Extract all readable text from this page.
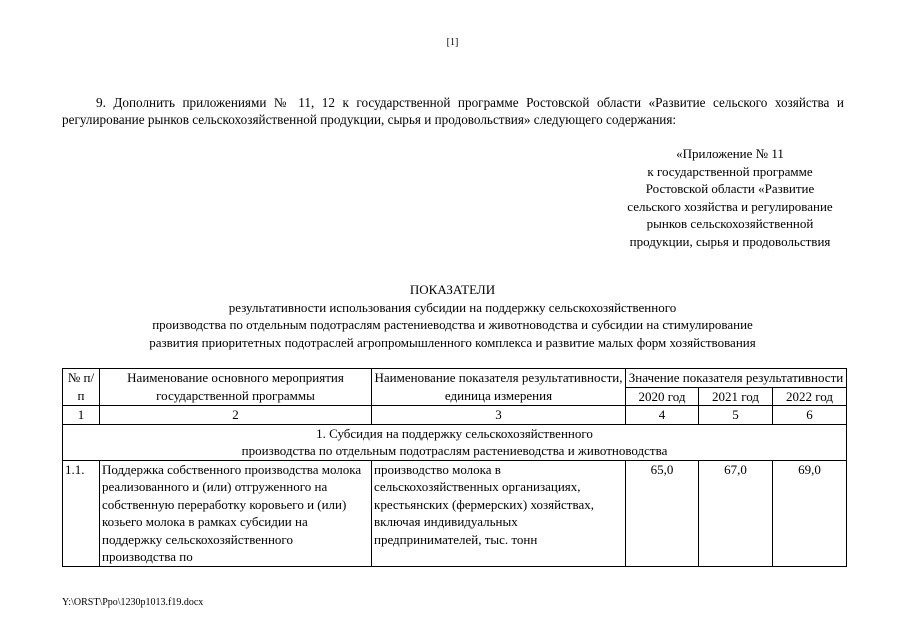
[1]
9. Дополнить приложениями № 11, 12 к государственной программе Ростовской области «Развитие сельского хозяйства и регулирование рынков сельскохозяйственной продукции, сырья и продовольствия» следующего содержания:
«Приложение № 11
к государственной программе
Ростовской области «Развитие
сельского хозяйства и регулирование
рынков сельскохозяйственной
продукции, сырья и продовольствия
ПОКАЗАТЕЛИ
результативности использования субсидии на поддержку сельскохозяйственного
производства по отдельным подотраслям растениеводства и животноводства и субсидии на стимулирование
развития приоритетных подотраслей агропромышленного комплекса и развитие малых форм хозяйствования
№ п/п	Наименование основного мероприятия государственной программы	Наименование показателя результативности, единица измерения	Значение показателя результативности		
			2020 год	2021 год	2022 год
1	2	3	4	5	6

1. Субсидия на поддержку сельскохозяйственного
производства по отдельным подотраслям растениеводства и животноводства					

1.1.	Поддержка собственного производства молока реализованного и (или) отгруженного на собственную переработку коровьего и (или) козьего молока в рамках субсидии на поддержку сельскохозяйственного производства по	производство молока в сельскохозяйственных организациях, крестьянских (фермерских) хозяйствах, включая индивидуальных предпринимателей, тыс. тонн	65,0	67,0	69,0
Y:\ORST\Ppo\1230p1013.f19.docx
